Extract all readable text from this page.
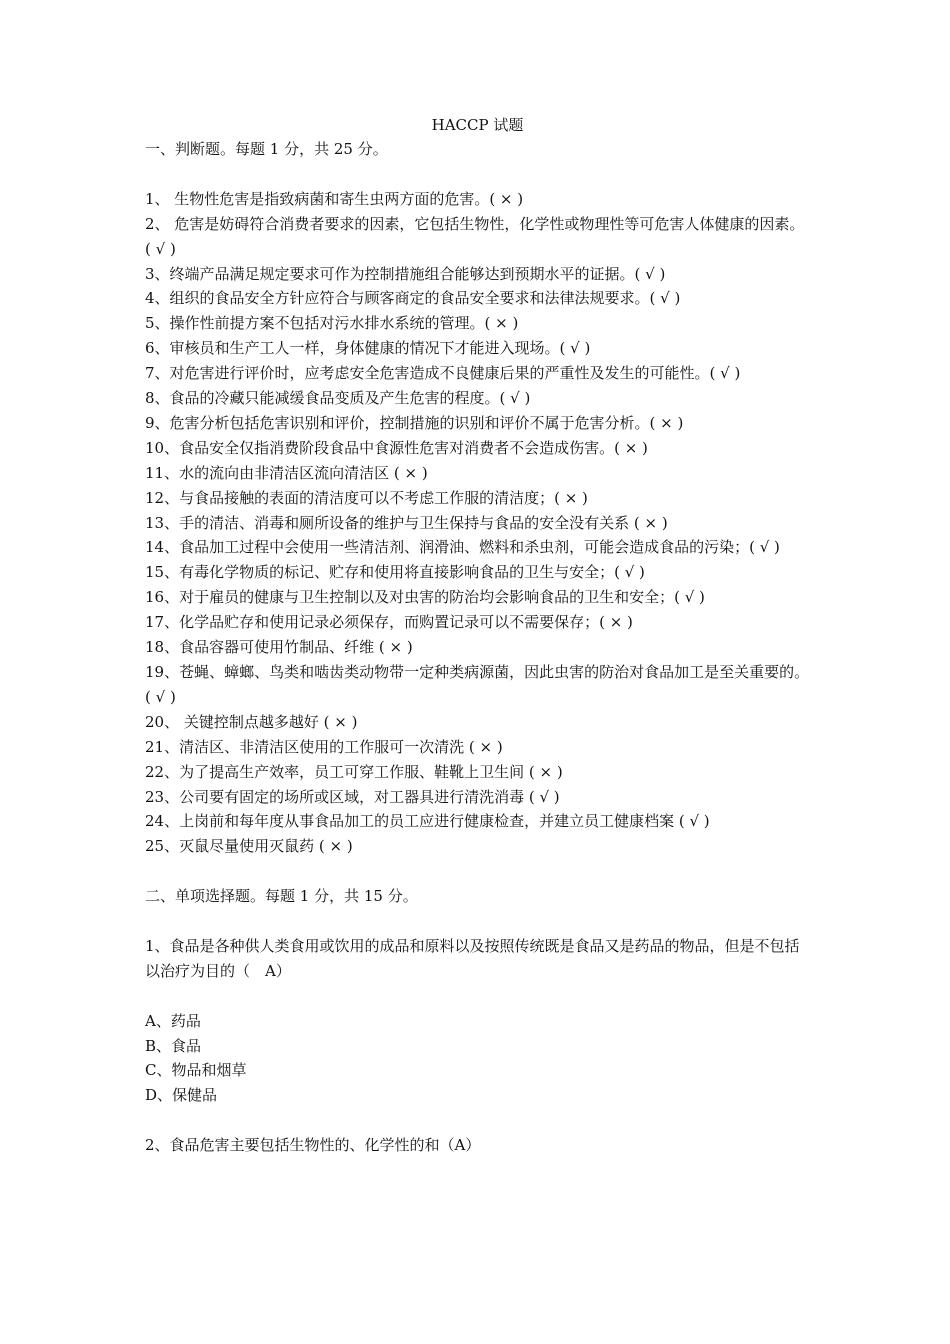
HACCP 试题
一、判断题。每题 1 分，共 25 分。
1、 生物性危害是指致病菌和寄生虫两方面的危害。( × )
2、 危害是妨碍符合消费者要求的因素，它包括生物性，化学性或物理性等可危害人体健康的因素。( √ )
3、终端产品满足规定要求可作为控制措施组合能够达到预期水平的证据。( √ )
4、组织的食品安全方针应符合与顾客商定的食品安全要求和法律法规要求。( √ )
5、操作性前提方案不包括对污水排水系统的管理。( × )
6、审核员和生产工人一样，身体健康的情况下才能进入现场。( √ )
7、对危害进行评价时，应考虑安全危害造成不良健康后果的严重性及发生的可能性。( √ )
8、食品的冷藏只能减缓食品变质及产生危害的程度。( √ )
9、危害分析包括危害识别和评价，控制措施的识别和评价不属于危害分析。( × )
10、食品安全仅指消费阶段食品中食源性危害对消费者不会造成伤害。( × )
11、水的流向由非清洁区流向清洁区 ( × )
12、与食品接触的表面的清洁度可以不考虑工作服的清洁度；( × )
13、手的清洁、消毒和厕所设备的维护与卫生保持与食品的安全没有关系 ( × )
14、食品加工过程中会使用一些清洁剂、润滑油、燃料和杀虫剂，可能会造成食品的污染；( √ )
15、有毒化学物质的标记、贮存和使用将直接影响食品的卫生与安全；( √ )
16、对于雇员的健康与卫生控制以及对虫害的防治均会影响食品的卫生和安全；( √ )
17、化学品贮存和使用记录必须保存，而购置记录可以不需要保存；( × )
18、食品容器可使用竹制品、纤维 ( × )
19、苍蝇、蟑螂、鸟类和啮齿类动物带一定种类病源菌，因此虫害的防治对食品加工是至关重要的。( √ )
20、 关键控制点越多越好 ( × )
21、清洁区、非清洁区使用的工作服可一次清洗 ( × )
22、为了提高生产效率，员工可穿工作服、鞋靴上卫生间 ( × )
23、公司要有固定的场所或区域，对工器具进行清洗消毒 ( √ )
24、上岗前和每年度从事食品加工的员工应进行健康检查，并建立员工健康档案 ( √ )
25、灭鼠尽量使用灭鼠药 ( × )
二、单项选择题。每题 1 分，共 15 分。
1、食品是各种供人类食用或饮用的成品和原料以及按照传统既是食品又是药品的物品，但是不包括以治疗为目的（　A）
A、药品
B、食品
C、物品和烟草
D、保健品
2、食品危害主要包括生物性的、化学性的和（A）
